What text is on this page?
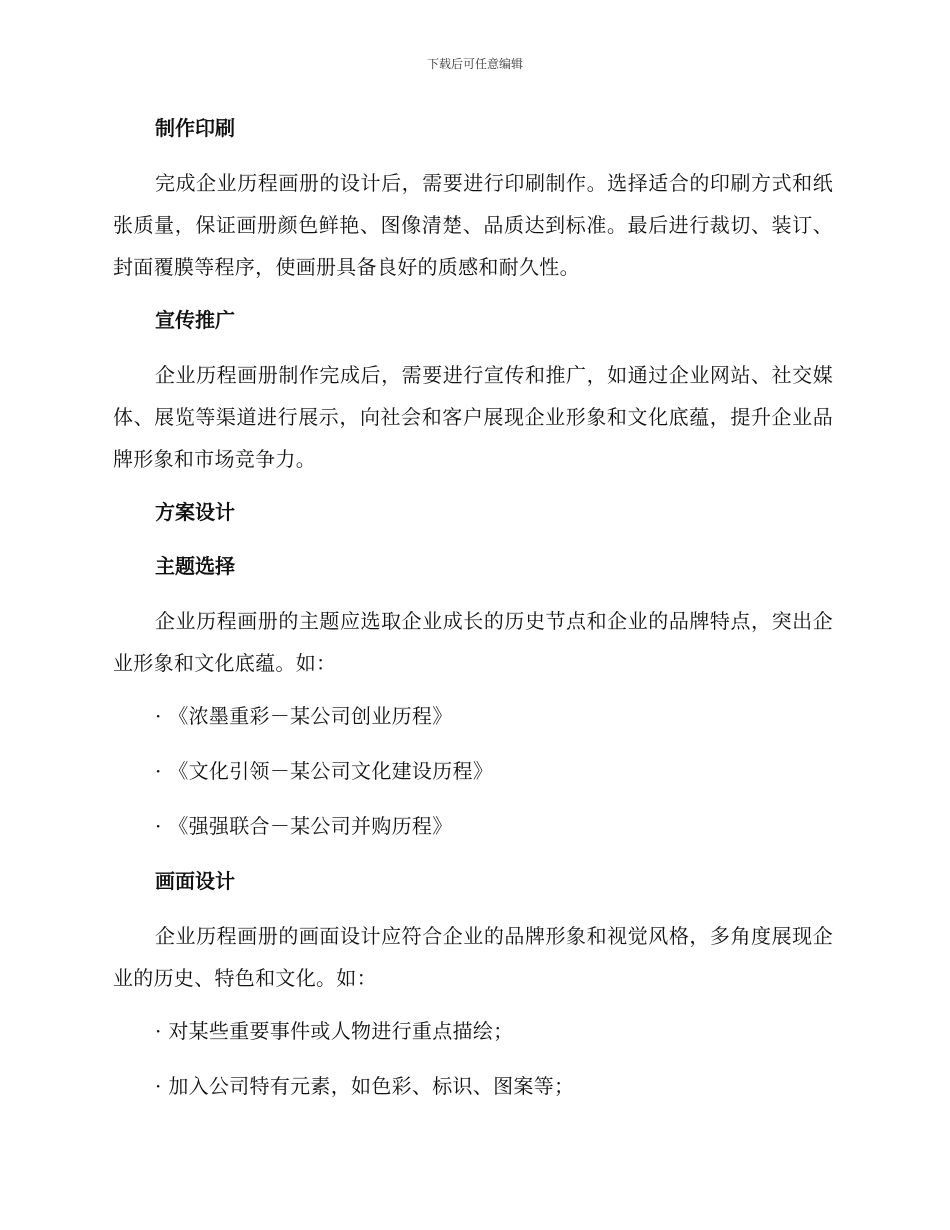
下载后可任意编辑
制作印刷

完成企业历程画册的设计后，需要进行印刷制作。选择适合的印刷方式和纸张质量，保证画册颜色鲜艳、图像清楚、品质达到标准。最后进行裁切、装订、封面覆膜等程序，使画册具备良好的质感和耐久性。

宣传推广

企业历程画册制作完成后，需要进行宣传和推广，如通过企业网站、社交媒体、展览等渠道进行展示，向社会和客户展现企业形象和文化底蕴，提升企业品牌形象和市场竞争力。

方案设计
主题选择

企业历程画册的主题应选取企业成长的历史节点和企业的品牌特点，突出企业形象和文化底蕴。如：

· 《浓墨重彩－某公司创业历程》
· 《文化引领－某公司文化建设历程》
· 《强强联合－某公司并购历程》
画面设计

企业历程画册的画面设计应符合企业的品牌形象和视觉风格，多角度展现企业的历史、特色和文化。如：

· 对某些重要事件或人物进行重点描绘；
· 加入公司特有元素，如色彩、标识、图案等；
